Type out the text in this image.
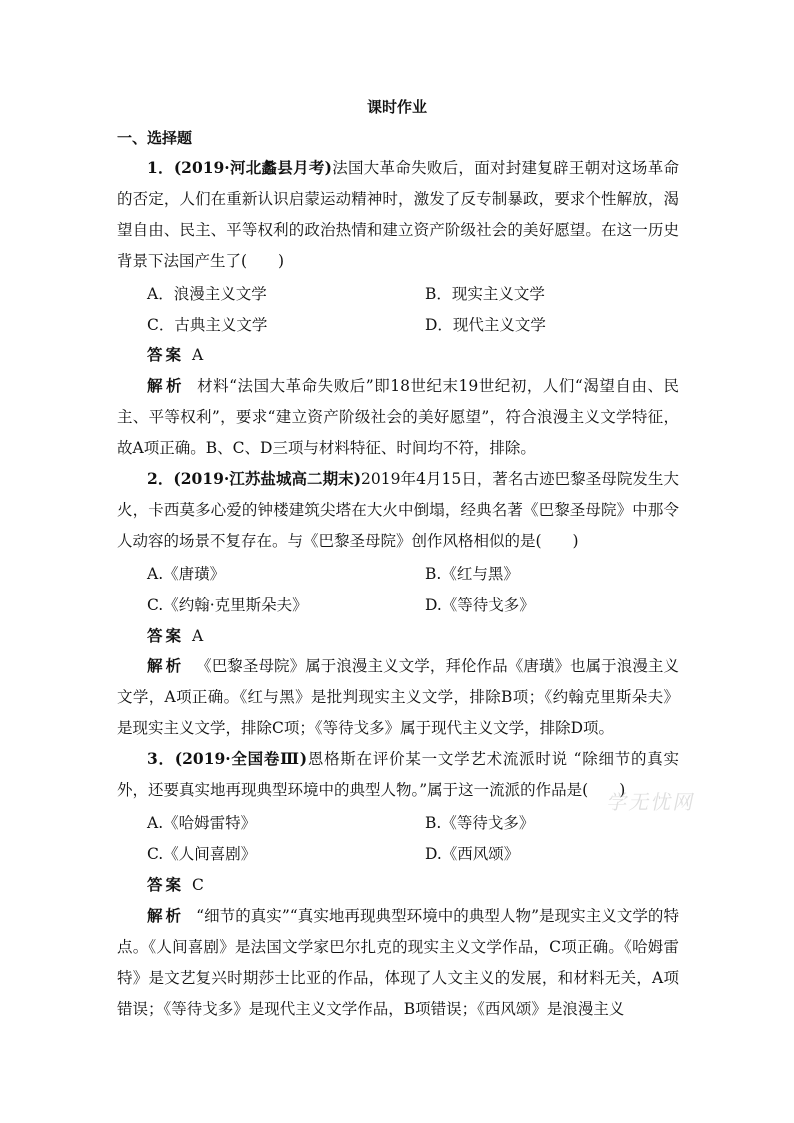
课时作业
一、选择题

1．(2019·河北蠡县月考)法国大革命失败后，面对封建复辟王朝对这场革命的否定，人们在重新认识启蒙运动精神时，激发了反专制暴政，要求个性解放，渴望自由、民主、平等权利的政治热情和建立资产阶级社会的美好愿望。在这一历史背景下法国产生了(　　)

A．浪漫主义文学	B．现实主义文学
C．古典主义文学	D．现代主义文学
答案 A

解析 材料“法国大革命失败后”即18世纪末19世纪初，人们“渴望自由、民主、平等权利”，要求“建立资产阶级社会的美好愿望”，符合浪漫主义文学特征，故A项正确。B、C、D三项与材料特征、时间均不符，排除。

2．(2019·江苏盐城高二期末)2019年4月15日，著名古迹巴黎圣母院发生大火，卡西莫多心爱的钟楼建筑尖塔在大火中倒塌，经典名著《巴黎圣母院》中那令人动容的场景不复存在。与《巴黎圣母院》创作风格相似的是(　　)

A.《唐璜》	B.《红与黑》
C.《约翰·克里斯朵夫》	D.《等待戈多》
答案 A

解析 《巴黎圣母院》属于浪漫主义文学，拜伦作品《唐璜》也属于浪漫主义文学，A项正确。《红与黑》是批判现实主义文学，排除B项；《约翰克里斯朵夫》是现实主义文学，排除C项；《等待戈多》属于现代主义文学，排除D项。

3．(2019·全国卷Ⅲ)恩格斯在评价某一文学艺术流派时说 “除细节的真实外，还要真实地再现典型环境中的典型人物。”属于这一流派的作品是(　　)

A.《哈姆雷特》	B.《等待戈多》
C.《人间喜剧》	D.《西风颂》
答案 C

解析 “细节的真实”“真实地再现典型环境中的典型人物”是现实主义文学的特点。《人间喜剧》是法国文学家巴尔扎克的现实主义文学作品，C项正确。《哈姆雷特》是文艺复兴时期莎士比亚的作品，体现了人文主义的发展，和材料无关，A项错误；《等待戈多》是现代主义文学作品，B项错误；《西风颂》是浪漫主义

学无忧网
